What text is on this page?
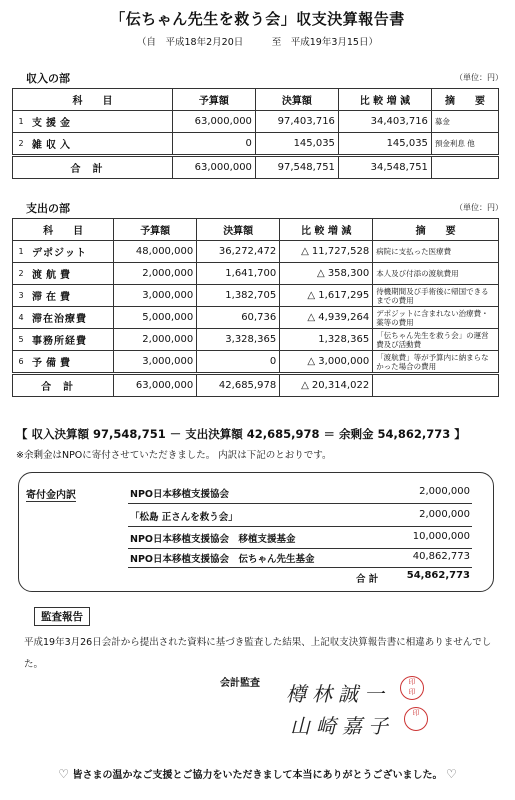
「伝ちゃん先生を救う会」収支決算報告書
（自　平成18年2月20日　　　至　平成19年3月15日）
収入の部	（単位：円）
科　　目		予算額	決算額	比 較 増 減	摘　　要
1	支援金	63,000,000	97,403,716	34,403,716	募金
2	雑収入	0	145,035	145,035	預金利息 他
合計		63,000,000	97,548,751	34,548,751	
支出の部	（単位：円）
科　　目		予算額	決算額	比 較 増 減	摘　　要
1	デポジット	48,000,000	36,272,472	△ 11,727,528	病院に支払った医療費
2	渡航費	2,000,000	1,641,700	△ 358,300	本人及び付添の渡航費用
3	滞在費	3,000,000	1,382,705	△ 1,617,295	待機期間及び手術後に帰国できるまでの費用
4	滞在治療費	5,000,000	60,736	△ 4,939,264	デポジットに含まれない治療費・薬等の費用
5	事務所経費	2,000,000	3,328,365	1,328,365	「伝ちゃん先生を救う会」の運営費及び活動費
6	予備費	3,000,000	0	△ 3,000,000	「渡航費」等が予算内に納まらなかった場合の費用
合計		63,000,000	42,685,978	△ 20,314,022	
【 収入決算額 97,548,751 － 支出決算額 42,685,978 ＝ 余剰金 54,862,773 】
※余剰金はNPOに寄付させていただきました。 内訳は下記のとおりです。
寄付金内訳	NPO日本移植支援協会	2,000,000
「松島 正さんを救う会」	2,000,000
NPO日本移植支援協会　移植支援基金	10,000,000
NPO日本移植支援協会　伝ちゃん先生基金	40,862,773
合 計	54,862,773
監査報告
平成19年3月26日会計から提出された資料に基づき監査した結果、上記収支決算報告書に相違ありませんでした。
会計監査 樽林誠一	印
印
山崎嘉子
印
♡ 皆さまの温かなご支援とご協力をいただきまして本当にありがとうございました。 ♡
